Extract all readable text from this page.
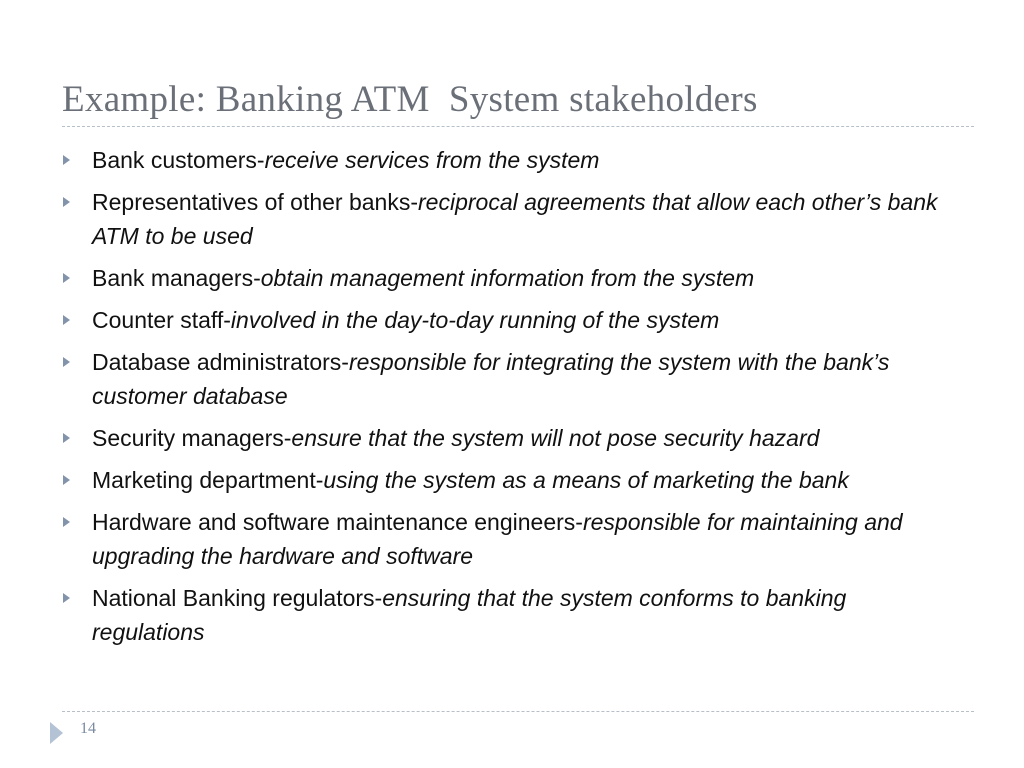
Example: Banking ATM  System stakeholders
Bank customers-receive services from the system
Representatives of other banks-reciprocal agreements that allow each other’s bank ATM to be used
Bank managers-obtain management information from the system
Counter staff-involved in the day-to-day running of the system
Database administrators-responsible for integrating the system with the bank’s customer database
Security managers-ensure that the system will not pose security hazard
Marketing department-using the system as a means of marketing the bank
Hardware and software maintenance engineers-responsible for maintaining and upgrading the hardware and software
National Banking regulators-ensuring that the system conforms to banking regulations
14
